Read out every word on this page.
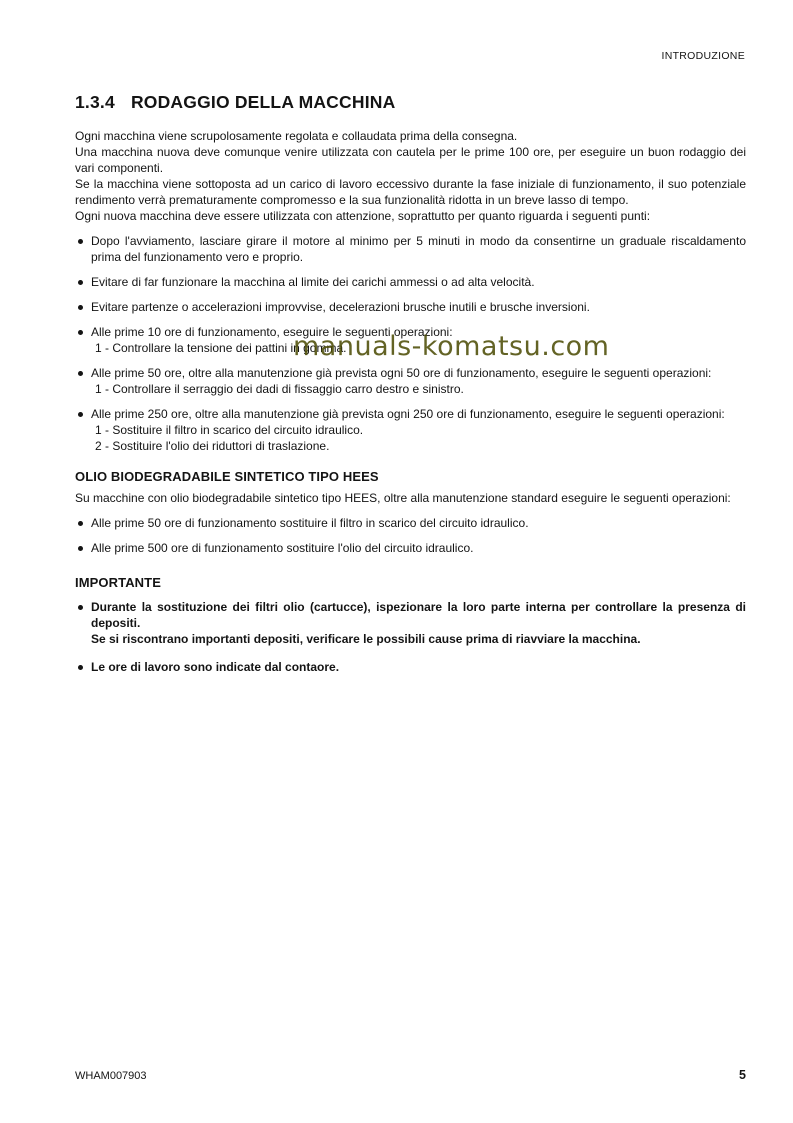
INTRODUZIONE
1.3.4 RODAGGIO DELLA MACCHINA

Ogni macchina viene scrupolosamente regolata e collaudata prima della consegna.

Una macchina nuova deve comunque venire utilizzata con cautela per le prime 100 ore, per eseguire un buon rodaggio dei vari componenti.

Se la macchina viene sottoposta ad un carico di lavoro eccessivo durante la fase iniziale di funzionamento, il suo potenziale rendimento verrà prematuramente compromesso e la sua funzionalità ridotta in un breve lasso di tempo.

Ogni nuova macchina deve essere utilizzata con attenzione, soprattutto per quanto riguarda i seguenti punti:

Dopo l'avviamento, lasciare girare il motore al minimo per 5 minuti in modo da consentirne un graduale riscaldamento prima del funzionamento vero e proprio.

Evitare di far funzionare la macchina al limite dei carichi ammessi o ad alta velocità.

Evitare partenze o accelerazioni improvvise, decelerazioni brusche inutili e brusche inversioni.

Alle prime 10 ore di funzionamento, eseguire le seguenti operazioni:

1 - Controllare la tensione dei pattini in gomma.

Alle prime 50 ore, oltre alla manutenzione già prevista ogni 50 ore di funzionamento, eseguire le seguenti operazioni:

1 - Controllare il serraggio dei dadi di fissaggio carro destro e sinistro.

Alle prime 250 ore, oltre alla manutenzione già prevista ogni 250 ore di funzionamento, eseguire le seguenti operazioni:

1 - Sostituire il filtro in scarico del circuito idraulico.

2 - Sostituire l'olio dei riduttori di traslazione.

OLIO BIODEGRADABILE SINTETICO TIPO HEES

Su macchine con olio biodegradabile sintetico tipo HEES, oltre alla manutenzione standard eseguire le seguenti operazioni:

Alle prime 50 ore di funzionamento sostituire il filtro in scarico del circuito idraulico.

Alle prime 500 ore di funzionamento sostituire l'olio del circuito idraulico.

IMPORTANTE

Durante la sostituzione dei filtri olio (cartucce), ispezionare la loro parte interna per controllare la presenza di depositi.

Se si riscontrano importanti depositi, verificare le possibili cause prima di riavviare la macchina.

Le ore di lavoro sono indicate dal contaore.

manuals-komatsu.com
WHAM007903	5
